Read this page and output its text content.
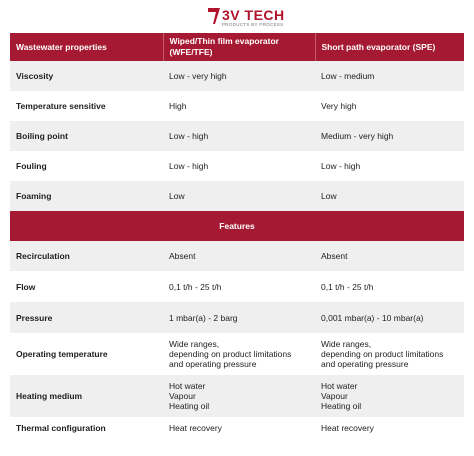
3V TECH
PRODUCTS BY PROCESS
Wastewater properties	Wiped/Thin film evaporator (WFE/TFE)	Short path evaporator (SPE)
Viscosity	Low - very high	Low - medium
Temperature sensitive	High	Very high
Boiling point	Low - high	Medium - very high
Fouling	Low - high	Low - high
Foaming	Low	Low
Features		
Recirculation	Absent	Absent
Flow	0,1 t/h - 25 t/h	0,1 t/h - 25 t/h
Pressure	1 mbar(a) - 2 barg	0,001 mbar(a) - 10 mbar(a)
Operating temperature	Wide ranges,
depending on product limitations
and operating pressure	Wide ranges,
depending on product limitations
and operating pressure

Heating medium	Hot water
Vapour
Heating oil	Hot water
Vapour
Heating oil

Thermal configuration	Heat recovery	Heat recovery
